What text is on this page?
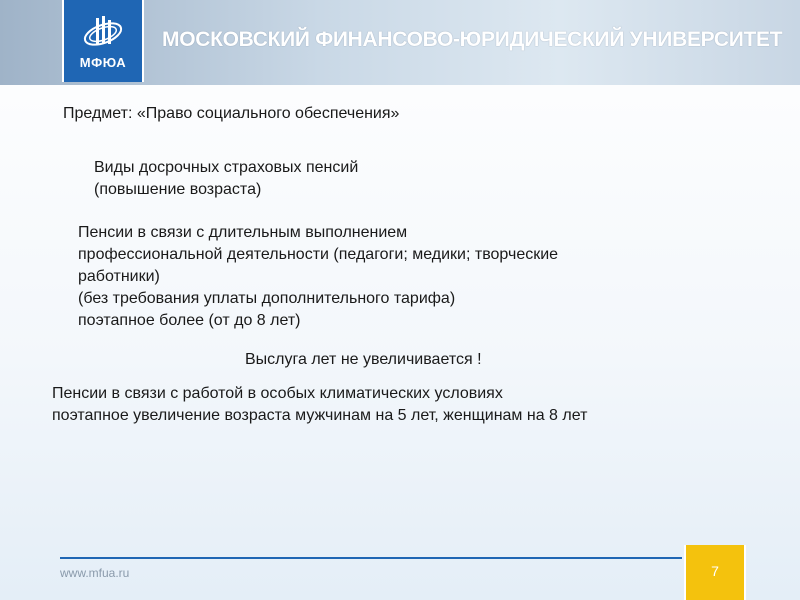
МФЮА
МОСКОВСКИЙ ФИНАНСОВО-ЮРИДИЧЕСКИЙ УНИВЕРСИТЕТ
Предмет: «Право социального обеспечения»
Виды досрочных страховых пенсий
(повышение возраста)
Пенсии в связи с длительным выполнением
профессиональной деятельности (педагоги; медики; творческие
работники)
(без требования уплаты дополнительного тарифа)
поэтапное более (от до 8 лет)
Выслуга лет не увеличивается !
Пенсии в связи с работой в особых климатических условиях
поэтапное увеличение возраста мужчинам на 5 лет, женщинам на 8 лет
www.mfua.ru	7
